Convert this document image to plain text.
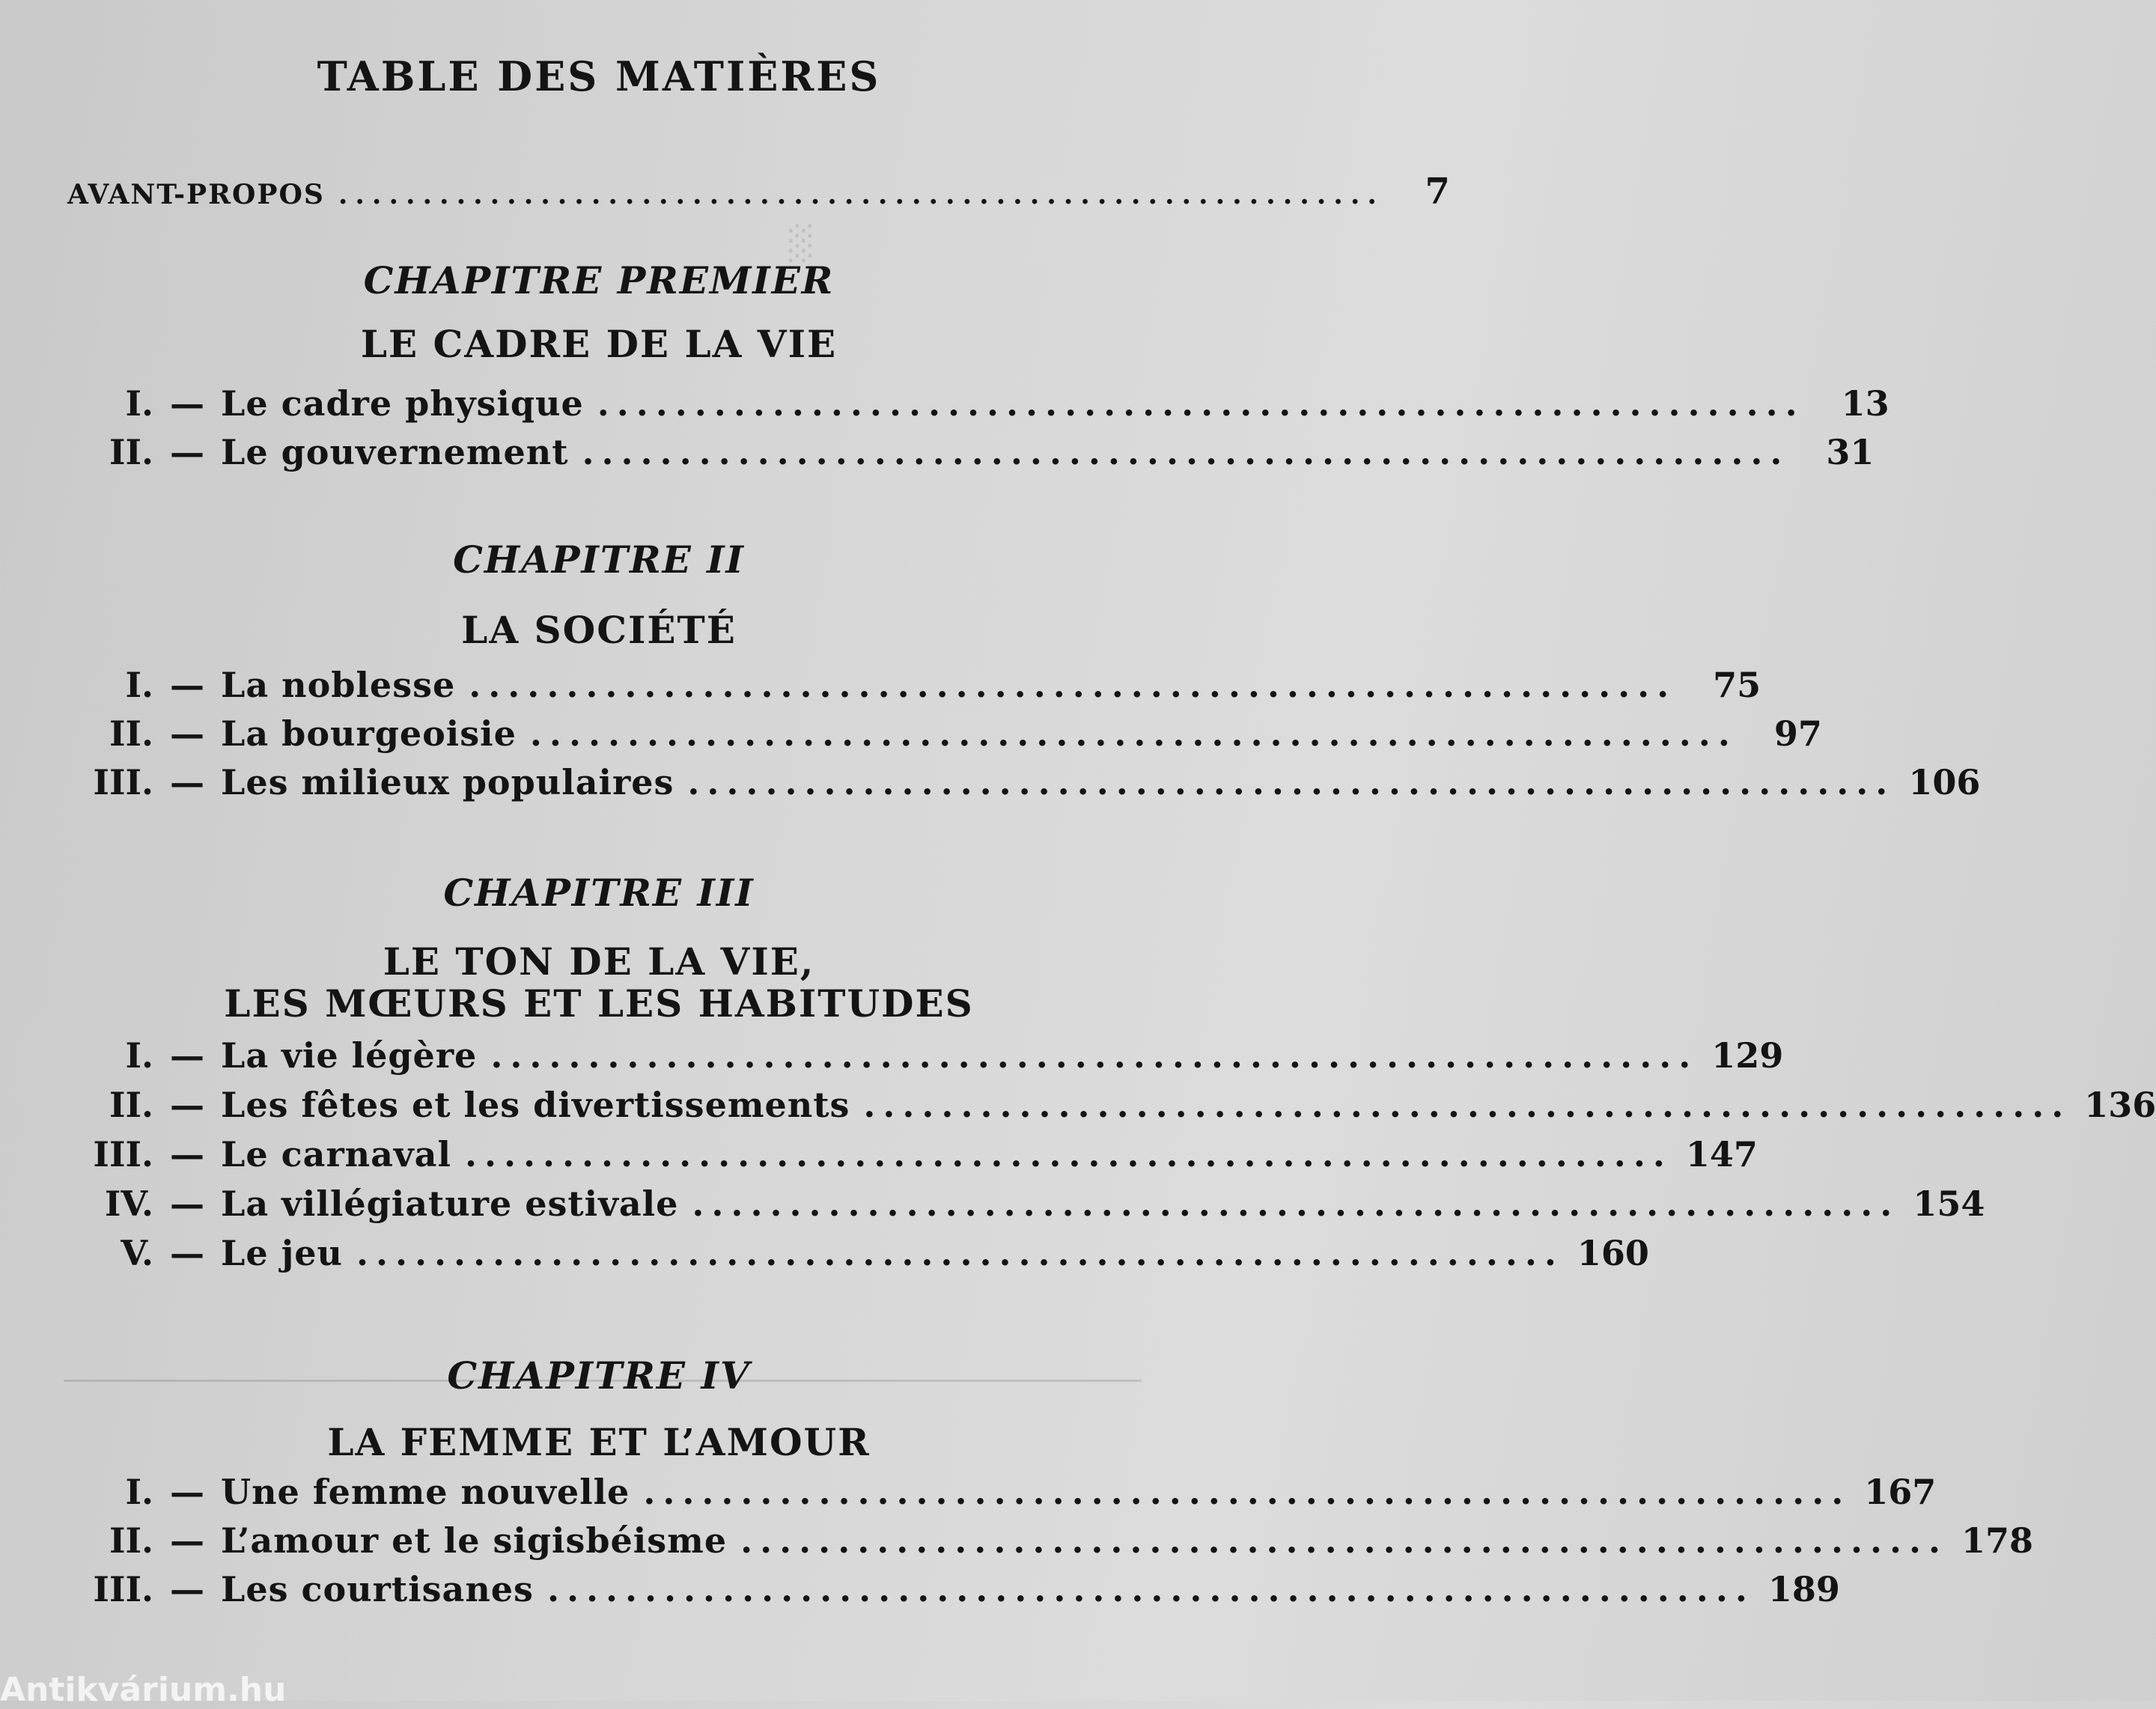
░
TABLE DES MATIÈRES
AVANT-PROPOS ..............................................................	7
CHAPITRE PREMIER
LE CADRE DE LA VIE
I. — Le cadre physique ..............................................................	13
II. — Le gouvernement ..............................................................	31
CHAPITRE II
LA SOCIÉTÉ
I. — La noblesse ..............................................................	75
II. — La bourgeoisie ..............................................................	97
III. — Les milieux populaires .............................................................. 106
CHAPITRE III
LE TON DE LA VIE,
LES MŒURS ET LES HABITUDES
I. — La vie légère .............................................................. 129
II. — Les fêtes et les divertissements .............................................................. 136
III. — Le carnaval .............................................................. 147
IV. — La villégiature estivale .............................................................. 154
V. — Le jeu .............................................................. 160
CHAPITRE IV
LA FEMME ET L’AMOUR
I. — Une femme nouvelle .............................................................. 167
II. — L’amour et le sigisbéisme .............................................................. 178
III. — Les courtisanes .............................................................. 189
Antikvárium.hu
